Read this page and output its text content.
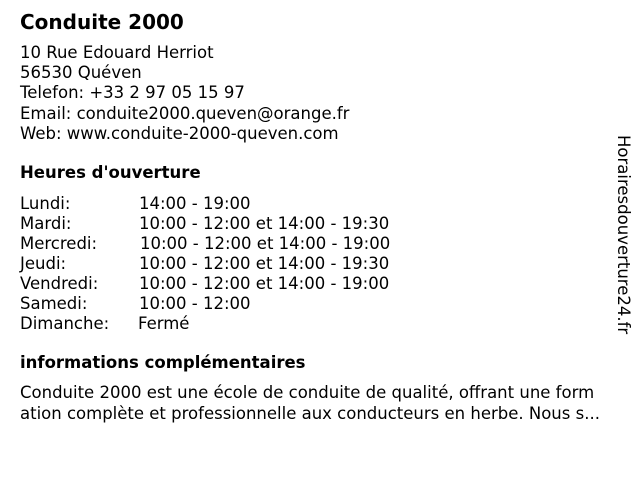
Conduite 2000
10 Rue Edouard Herriot
56530 Quéven
Telefon: +33 2 97 05 15 97
Email: conduite2000.queven@orange.fr
Web: www.conduite-2000-queven.com
Heures d'ouverture
Lundi:	14:00 - 19:00
Mardi:	10:00 - 12:00 et 14:00 - 19:30
Mercredi:	10:00 - 12:00 et 14:00 - 19:00
Jeudi:	10:00 - 12:00 et 14:00 - 19:30
Vendredi: 10:00 - 12:00 et 14:00 - 19:00
Samedi:	10:00 - 12:00
Dimanche: Fermé
informations complémentaires
Conduite 2000 est une école de conduite de qualité, offrant une form
ation complète et professionnelle aux conducteurs en herbe. Nous s...
Horairesdouverture24.fr
